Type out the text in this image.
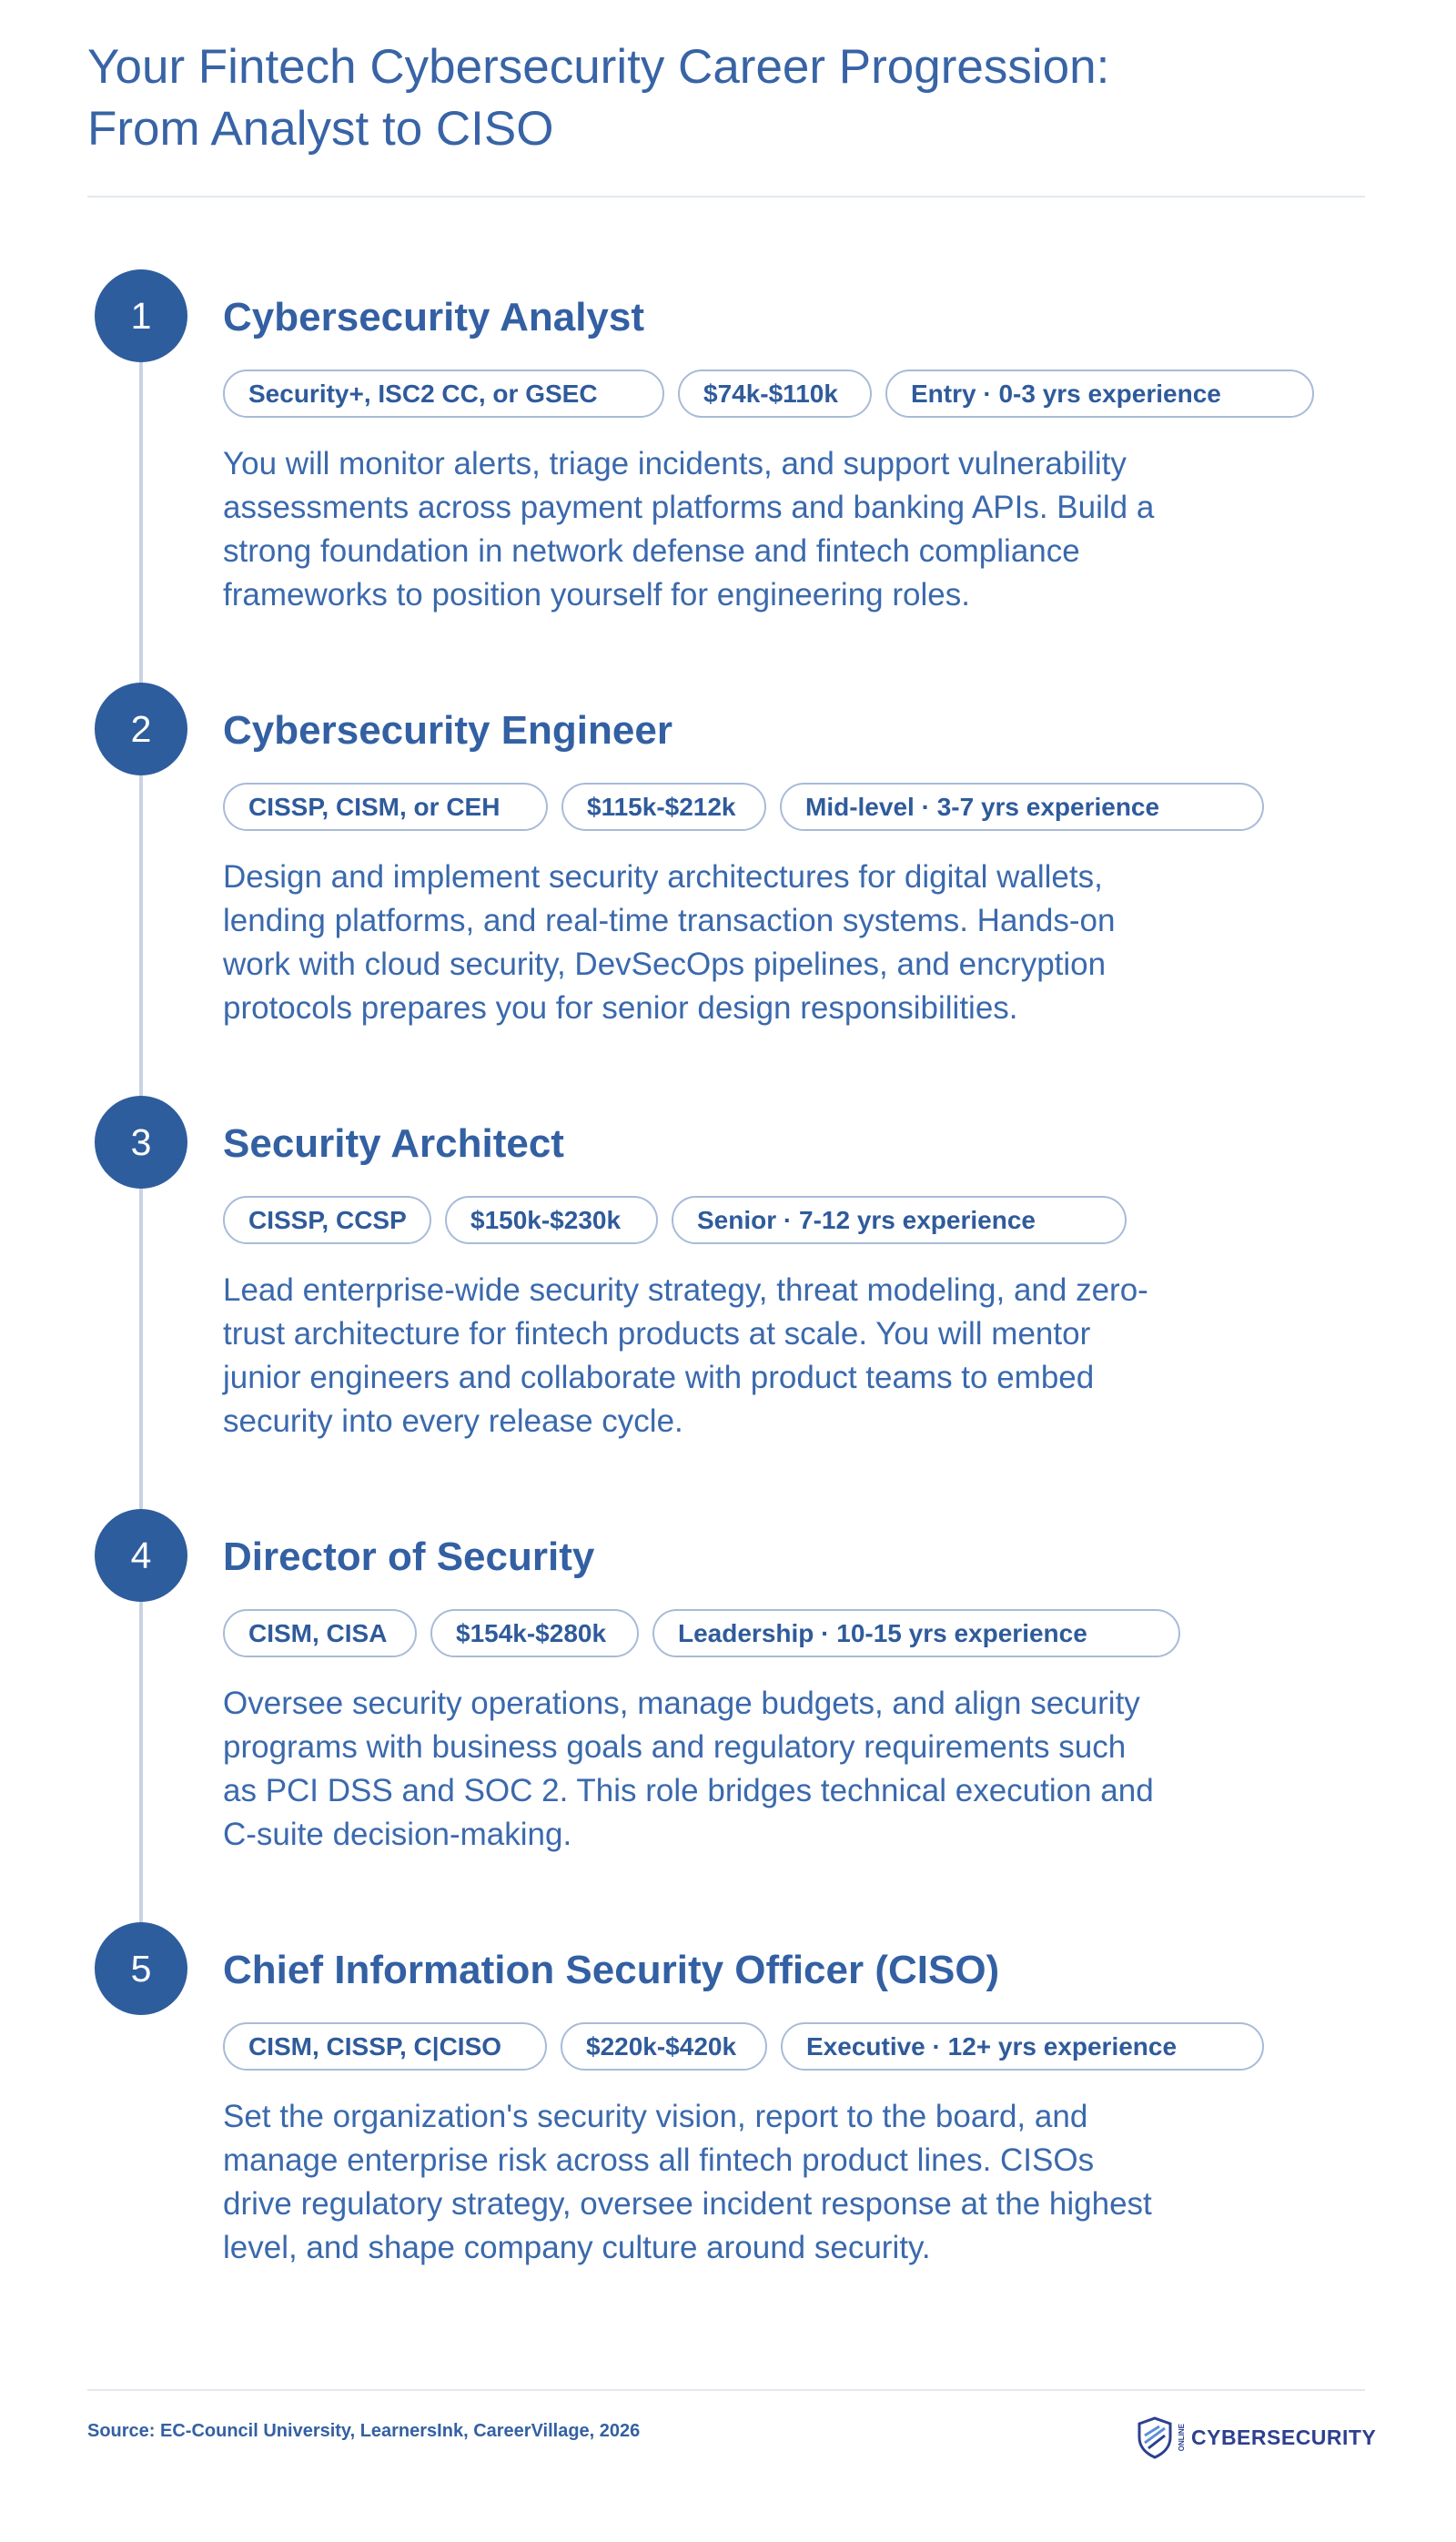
Your Fintech Cybersecurity Career Progression:
From Analyst to CISO
1	Cybersecurity Analyst
Security+, ISC2 CC, or GSEC	$74k-$110k	Entry · 0-3 yrs experience

You will monitor alerts, triage incidents, and support vulnerability assessments across payment platforms and banking APIs. Build a strong foundation in network defense and fintech compliance frameworks to position yourself for engineering roles.

2	Cybersecurity Engineer
CISSP, CISM, or CEH	$115k-$212k	Mid-level · 3-7 yrs experience

Design and implement security architectures for digital wallets, lending platforms, and real-time transaction systems. Hands-on work with cloud security, DevSecOps pipelines, and encryption protocols prepares you for senior design responsibilities.

3	Security Architect
CISSP, CCSP	$150k-$230k	Senior · 7-12 yrs experience

Lead enterprise-wide security strategy, threat modeling, and zero-trust architecture for fintech products at scale. You will mentor junior engineers and collaborate with product teams to embed security into every release cycle.

4	Director of Security
CISM, CISA	$154k-$280k	Leadership · 10-15 yrs experience

Oversee security operations, manage budgets, and align security programs with business goals and regulatory requirements such as PCI DSS and SOC 2. This role bridges technical execution and C-suite decision-making.

5	Chief Information Security Officer (CISO)
CISM, CISSP, C|CISO	$220k-$420k	Executive · 12+ yrs experience

Set the organization's security vision, report to the board, and manage enterprise risk across all fintech product lines. CISOs drive regulatory strategy, oversee incident response at the highest level, and shape company culture around security.

Source: EC-Council University, LearnersInk, CareerVillage, 2026	ONLINE CYBERSECURITY
